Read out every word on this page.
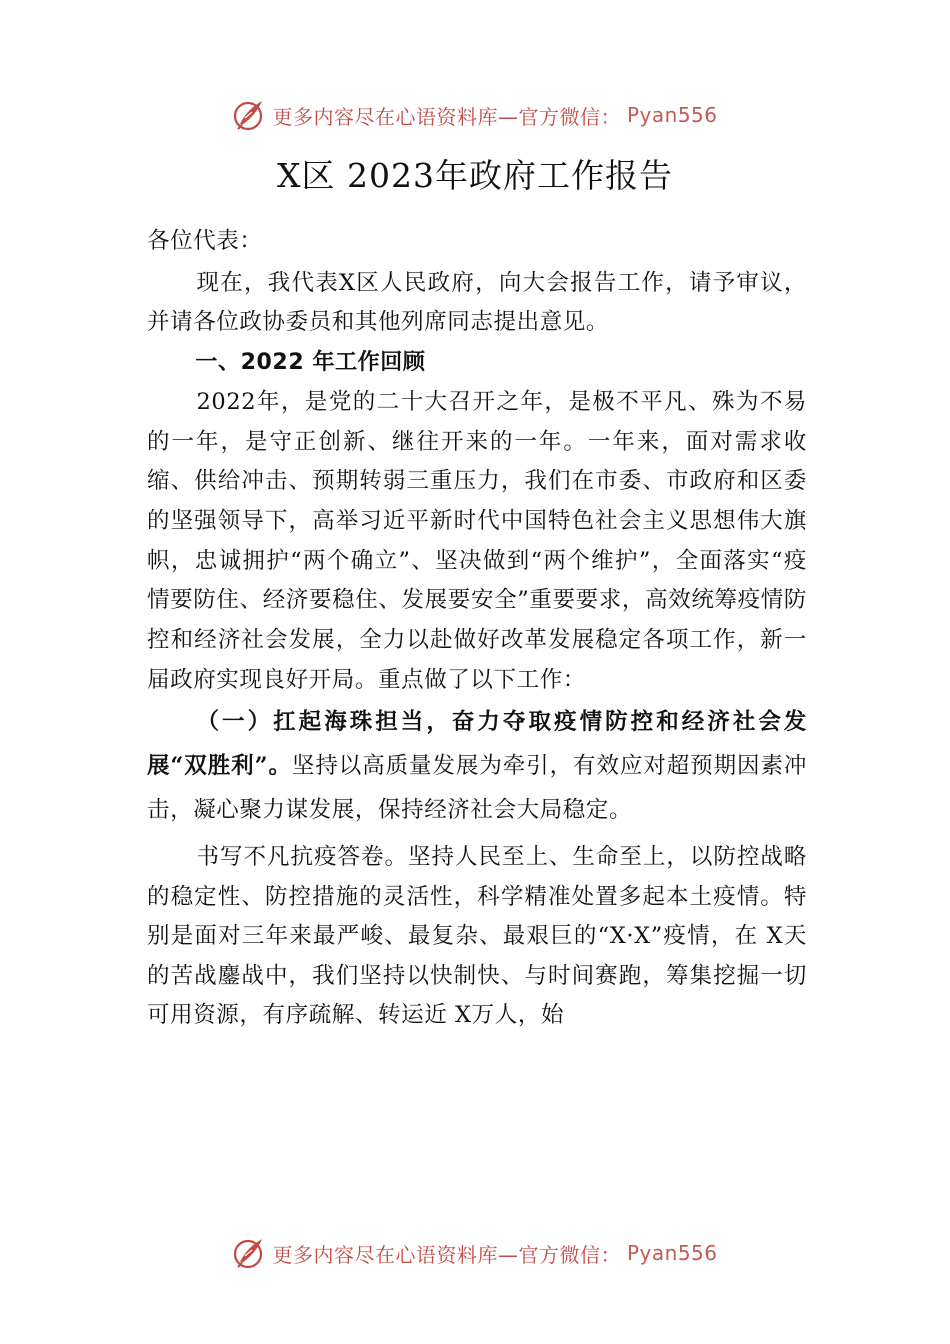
更多内容尽在心语资料库—官方微信： Pyan556
X区 2023年政府工作报告

各位代表：

现在，我代表X区人民政府，向大会报告工作，请予审议，并请各位政协委员和其他列席同志提出意见。

一、2022 年工作回顾

2022年，是党的二十大召开之年，是极不平凡、殊为不易的一年，是守正创新、继往开来的一年。一年来，面对需求收缩、供给冲击、预期转弱三重压力，我们在市委、市政府和区委的坚强领导下，高举习近平新时代中国特色社会主义思想伟大旗帜，忠诚拥护“两个确立”、坚决做到“两个维护”，全面落实“疫情要防住、经济要稳住、发展要安全”重要要求，高效统筹疫情防控和经济社会发展，全力以赴做好改革发展稳定各项工作，新一届政府实现良好开局。重点做了以下工作：

（一）扛起海珠担当，奋力夺取疫情防控和经济社会发展“双胜利”。坚持以高质量发展为牵引，有效应对超预期因素冲击，凝心聚力谋发展，保持经济社会大局稳定。

书写不凡抗疫答卷。坚持人民至上、生命至上，以防控战略的稳定性、防控措施的灵活性，科学精准处置多起本土疫情。特别是面对三年来最严峻、最复杂、最艰巨的“X·X”疫情，在 X天的苦战鏖战中，我们坚持以快制快、与时间赛跑，筹集挖掘一切可用资源，有序疏解、转运近 X万人，始

更多内容尽在心语资料库—官方微信： Pyan556
